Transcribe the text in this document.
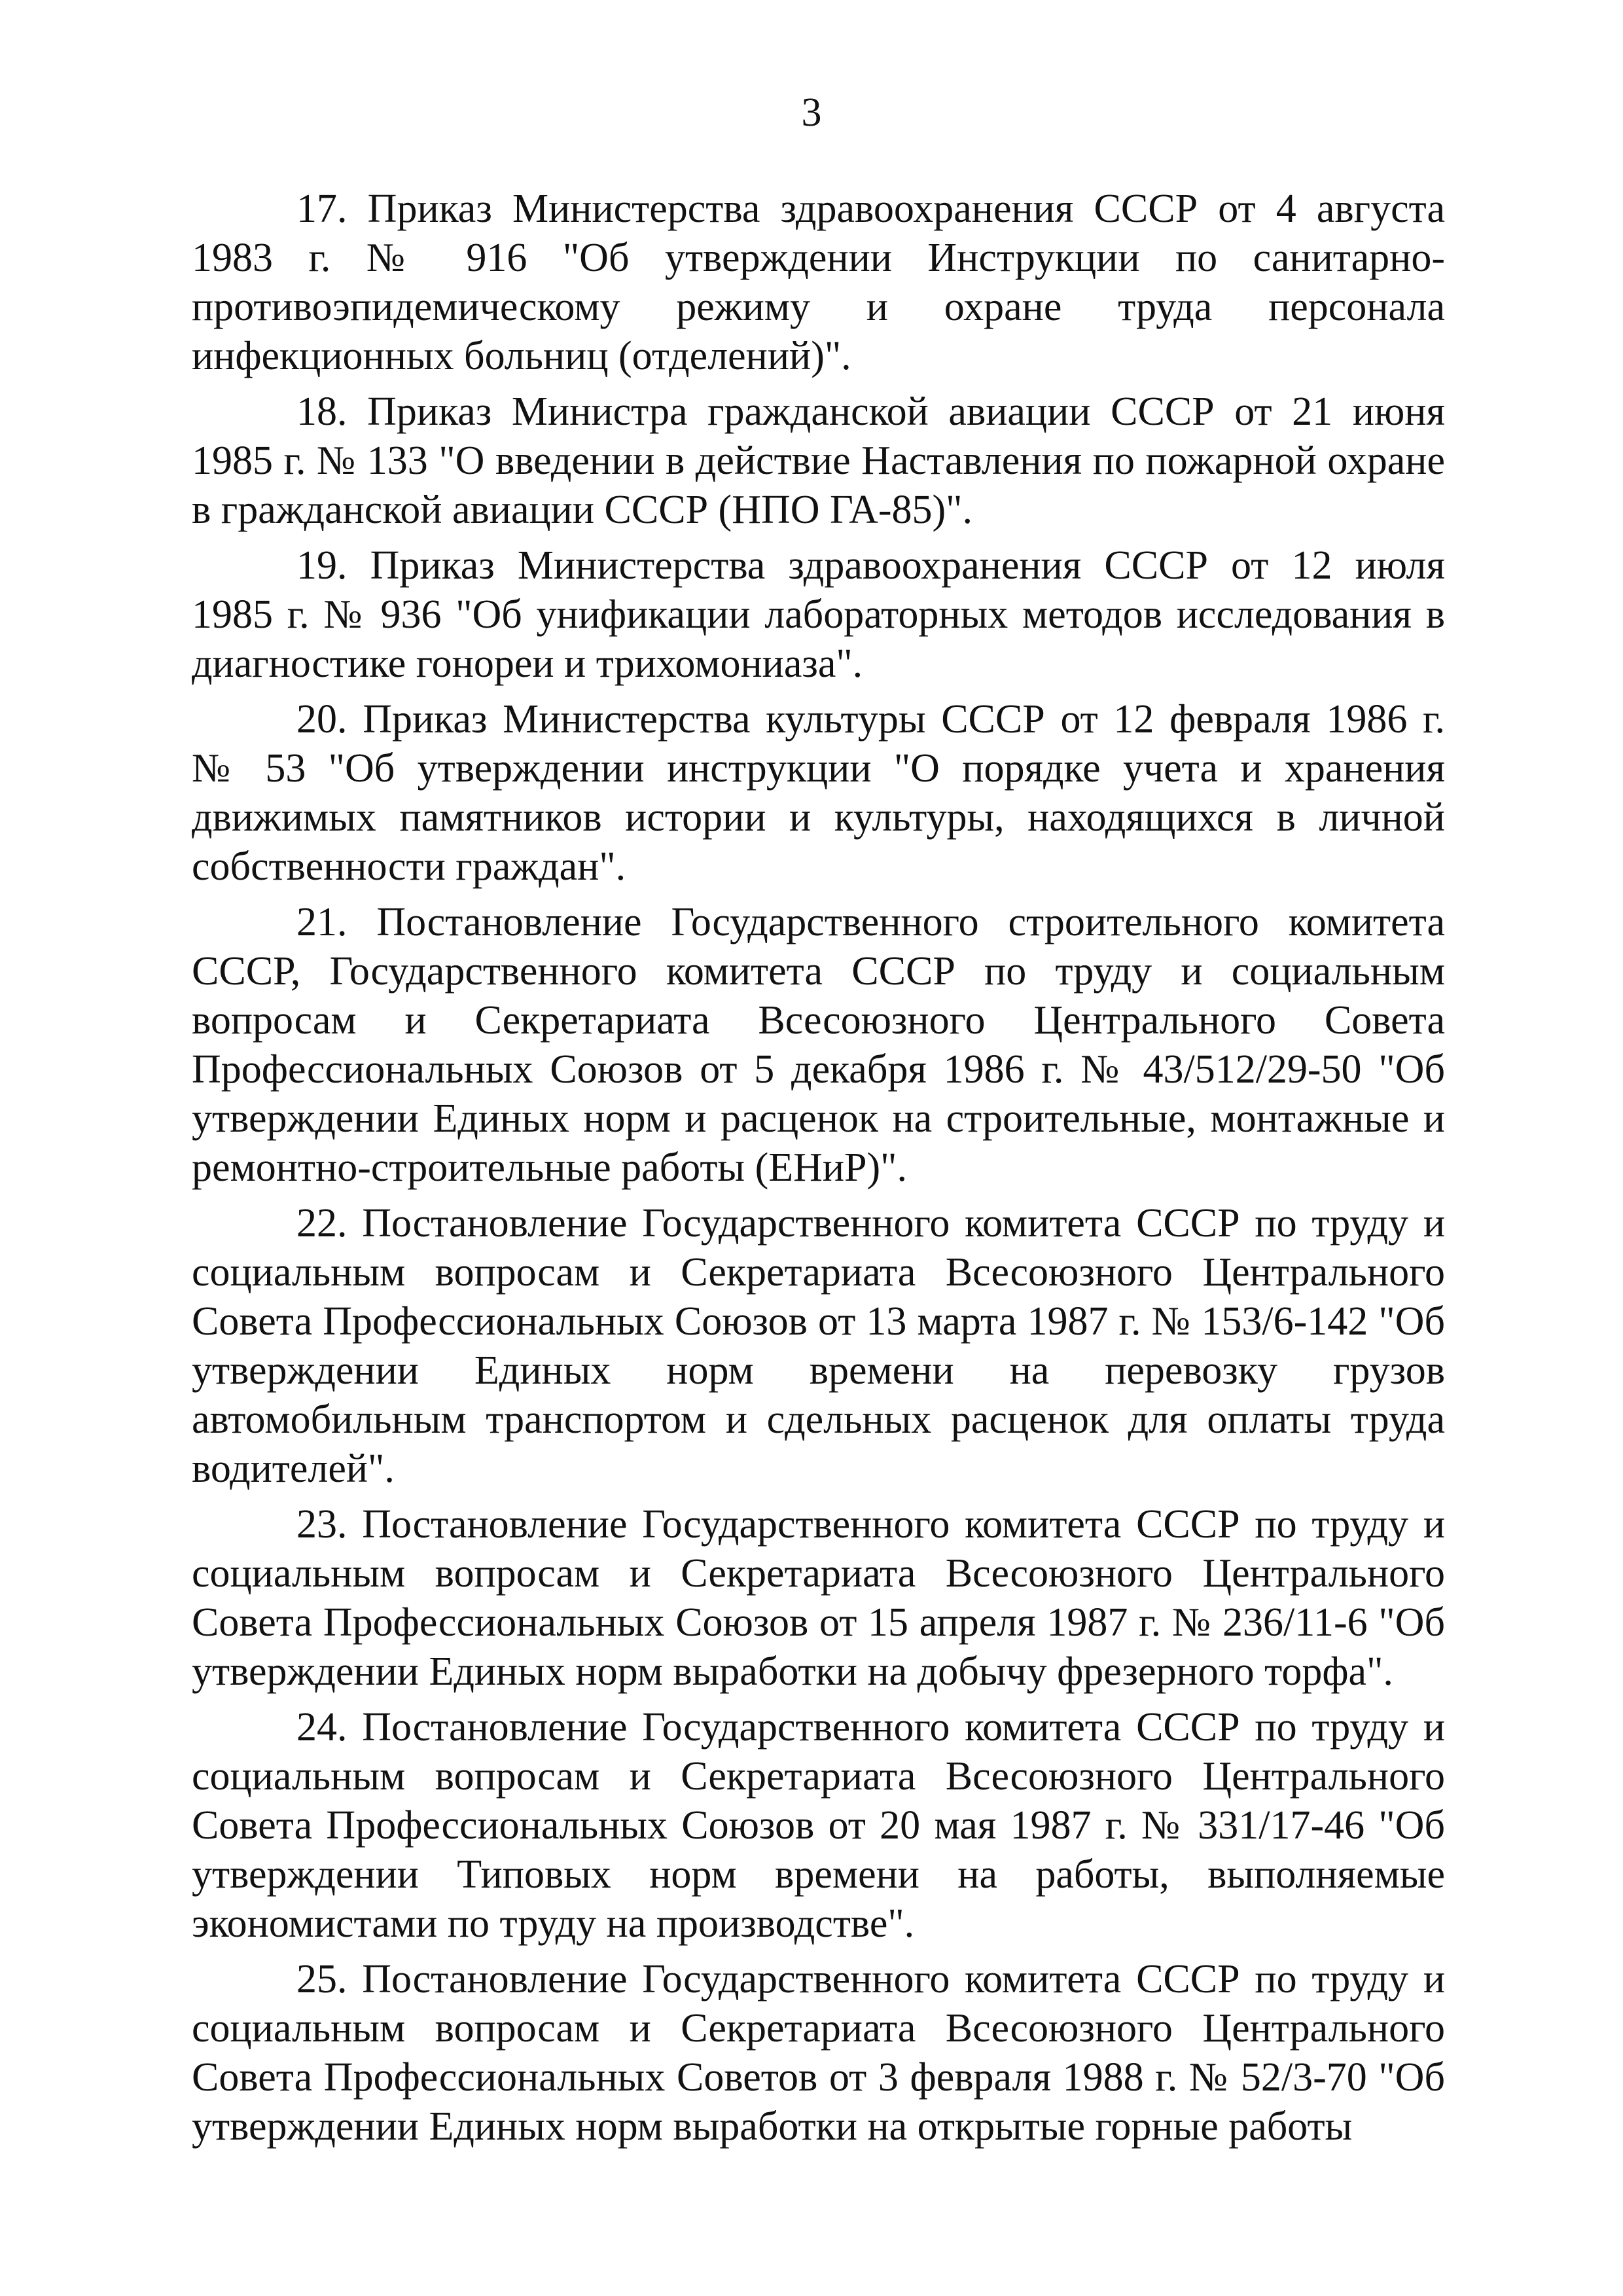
3

17. Приказ Министерства здравоохранения СССР от 4 августа 1983 г. № 916 "Об утверждении Инструкции по санитарно-противоэпидемическому режиму и охране труда персонала инфекционных больниц (отделений)".

18. Приказ Министра гражданской авиации СССР от 21 июня 1985 г. № 133 "О введении в действие Наставления по пожарной охране в гражданской авиации СССР (НПО ГА-85)".

19. Приказ Министерства здравоохранения СССР от 12 июля 1985 г. № 936 "Об унификации лабораторных методов исследования в диагностике гонореи и трихомониаза".

20. Приказ Министерства культуры СССР от 12 февраля 1986 г. № 53 "Об утверждении инструкции "О порядке учета и хранения движимых памятников истории и культуры, находящихся в личной собственности граждан".

21. Постановление Государственного строительного комитета СССР, Государственного комитета СССР по труду и социальным вопросам и Секретариата Всесоюзного Центрального Совета Профессиональных Союзов от 5 декабря 1986 г. № 43/512/29-50 "Об утверждении Единых норм и расценок на строительные, монтажные и ремонтно-строительные работы (ЕНиР)".

22. Постановление Государственного комитета СССР по труду и социальным вопросам и Секретариата Всесоюзного Центрального Совета Профессиональных Союзов от 13 марта 1987 г. № 153/6-142 "Об утверждении Единых норм времени на перевозку грузов автомобильным транспортом и сдельных расценок для оплаты труда водителей".

23. Постановление Государственного комитета СССР по труду и социальным вопросам и Секретариата Всесоюзного Центрального Совета Профессиональных Союзов от 15 апреля 1987 г. № 236/11-6 "Об утверждении Единых норм выработки на добычу фрезерного торфа".

24. Постановление Государственного комитета СССР по труду и социальным вопросам и Секретариата Всесоюзного Центрального Совета Профессиональных Союзов от 20 мая 1987 г. № 331/17-46 "Об утверждении Типовых норм времени на работы, выполняемые экономистами по труду на производстве".

25. Постановление Государственного комитета СССР по труду и социальным вопросам и Секретариата Всесоюзного Центрального Совета Профессиональных Советов от 3 февраля 1988 г. № 52/3-70 "Об утверждении Единых норм выработки на открытые горные работы
